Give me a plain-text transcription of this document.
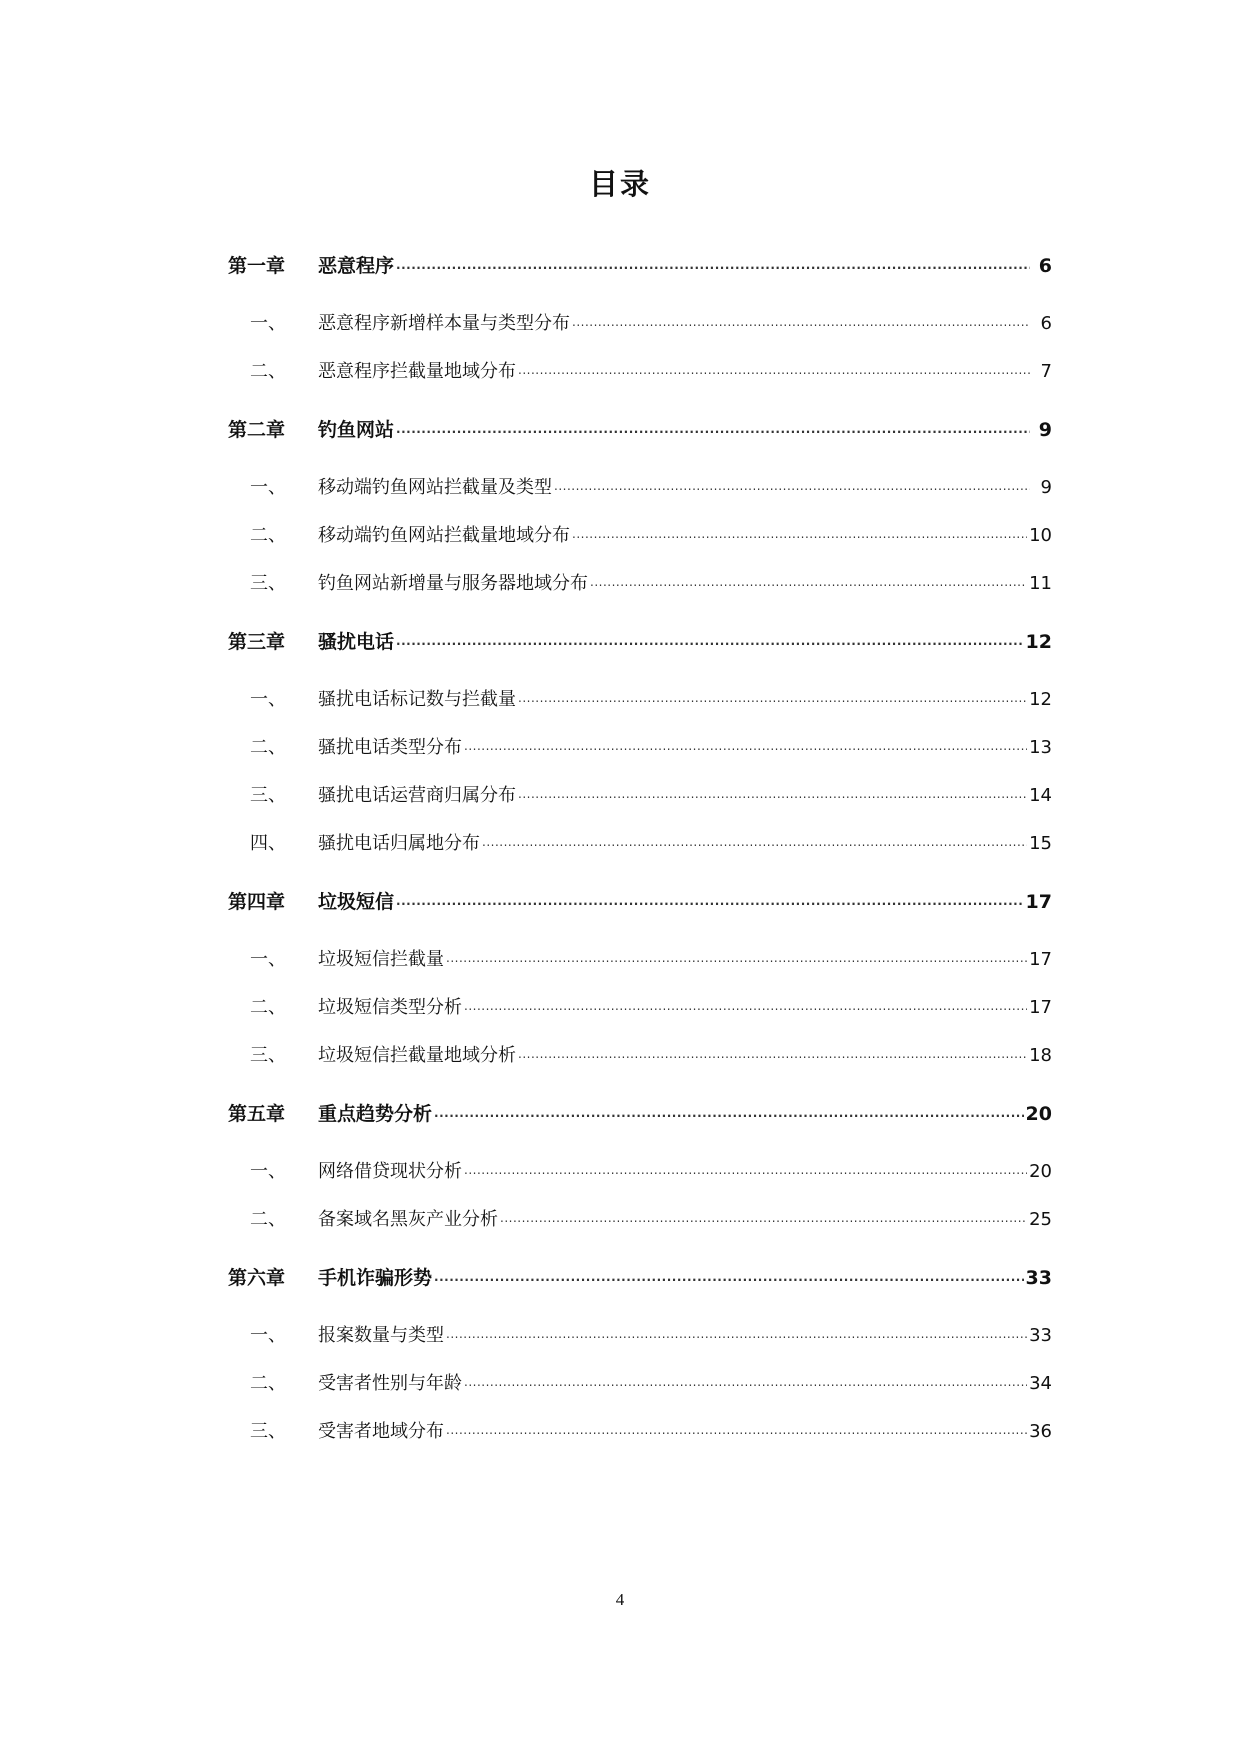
目录
第一章	恶意程序 .....	6
一、	恶意程序新增样本量与类型分布 .....	6
二、	恶意程序拦截量地域分布 .....	7
第二章	钓鱼网站 .....	9
一、	移动端钓鱼网站拦截量及类型 .....	9
二、	移动端钓鱼网站拦截量地域分布 .....	10
三、	钓鱼网站新增量与服务器地域分布 .....	11
第三章	骚扰电话 .....	12
一、	骚扰电话标记数与拦截量 .....	12
二、	骚扰电话类型分布 .....	13
三、	骚扰电话运营商归属分布 .....	14
四、	骚扰电话归属地分布 .....	15
第四章	垃圾短信 .....	17
一、	垃圾短信拦截量 .....	17
二、	垃圾短信类型分析 .....	17
三、	垃圾短信拦截量地域分析 .....	18
第五章	重点趋势分析 .....	20
一、	网络借贷现状分析 .....	20
二、	备案域名黑灰产业分析 .....	25
第六章	手机诈骗形势 .....	33
一、	报案数量与类型 .....	33
二、	受害者性别与年龄 .....	34
三、	受害者地域分布 .....	36

4
